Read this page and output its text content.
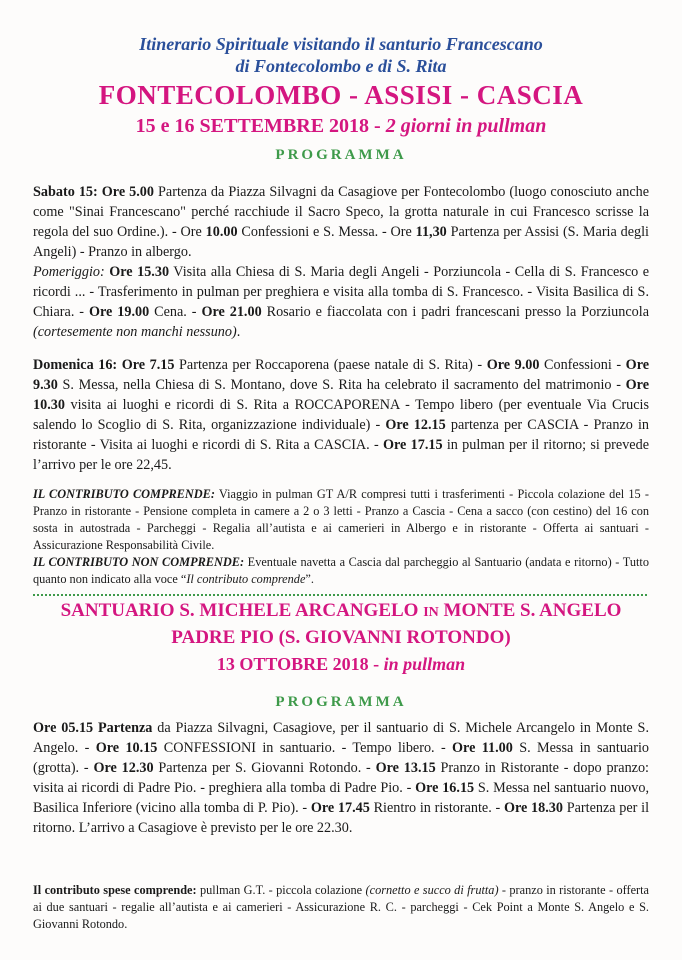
Itinerario Spirituale visitando il santurio Francescano
di Fontecolombo e di S. Rita
FONTECOLOMBO - ASSISI - CASCIA
15 e 16 SETTEMBRE 2018 - 2 giorni in pullman
PROGRAMMA
Sabato 15: Ore 5.00 Partenza da Piazza Silvagni da Casagiove per Fontecolombo (luogo conosciuto anche come "Sinai Francescano" perché racchiude il Sacro Speco, la grotta naturale in cui Francesco scrisse la regola del suo Ordine.). - Ore 10.00 Confessioni e S. Messa. - Ore 11,30 Partenza per Assisi (S. Maria degli Angeli) - Pranzo in albergo.
Pomeriggio: Ore 15.30 Visita alla Chiesa di S. Maria degli Angeli - Porziuncola - Cella di S. Francesco e ricordi ... - Trasferimento in pulman per preghiera e visita alla tomba di S. Francesco. - Visita Basilica di S. Chiara. - Ore 19.00 Cena. - Ore 21.00 Rosario e fiaccolata con i padri francescani presso la Porziuncola (cortesemente non manchi nessuno).
Domenica 16: Ore 7.15 Partenza per Roccaporena (paese natale di S. Rita) - Ore 9.00 Confessioni - Ore 9.30 S. Messa, nella Chiesa di S. Montano, dove S. Rita ha celebrato il sacramento del matrimonio - Ore 10.30 visita ai luoghi e ricordi di S. Rita a ROCCAPORENA - Tempo libero (per eventuale Via Crucis salendo lo Scoglio di S. Rita, organizzazione individuale) - Ore 12.15 partenza per CASCIA - Pranzo in ristorante - Visita ai luoghi e ricordi di S. Rita a CASCIA. - Ore 17.15 in pulman per il ritorno; si prevede l’arrivo per le ore 22,45.
IL CONTRIBUTO COMPRENDE: Viaggio in pulman GT A/R compresi tutti i trasferimenti - Piccola colazione del 15 - Pranzo in ristorante - Pensione completa in camere a 2 o 3 letti - Pranzo a Cascia - Cena a sacco (con cestino) del 16 con sosta in autostrada - Parcheggi - Regalia all’autista e ai camerieri in Albergo e in ristorante - Offerta ai santuari - Assicurazione Responsabilità Civile.
IL CONTRIBUTO NON COMPRENDE: Eventuale navetta a Cascia dal parcheggio al Santuario (andata e ritorno) - Tutto quanto non indicato alla voce “Il contributo comprende”.
SANTUARIO S. MICHELE ARCANGELO IN MONTE S. ANGELO
PADRE PIO (S. GIOVANNI ROTONDO)
13 OTTOBRE 2018 - in pullman
PROGRAMMA
Ore 05.15 Partenza da Piazza Silvagni, Casagiove, per il santuario di S. Michele Arcangelo in Monte S. Angelo. - Ore 10.15 CONFESSIONI in santuario. - Tempo libero. - Ore 11.00 S. Messa in santuario (grotta). - Ore 12.30 Partenza per S. Giovanni Rotondo. - Ore 13.15 Pranzo in Ristorante - dopo pranzo: visita ai ricordi di Padre Pio. - preghiera alla tomba di Padre Pio. - Ore 16.15 S. Messa nel santuario nuovo, Basilica Inferiore (vicino alla tomba di P. Pio). - Ore 17.45 Rientro in ristorante. - Ore 18.30 Partenza per il ritorno. L’arrivo a Casagiove è previsto per le ore 22.30.
Il contributo spese comprende: pullman G.T. - piccola colazione (cornetto e succo di frutta) - pranzo in ristorante - offerta ai due santuari - regalie all’autista e ai camerieri - Assicurazione R. C. - parcheggi - Cek Point a Monte S. Angelo e S. Giovanni Rotondo.
